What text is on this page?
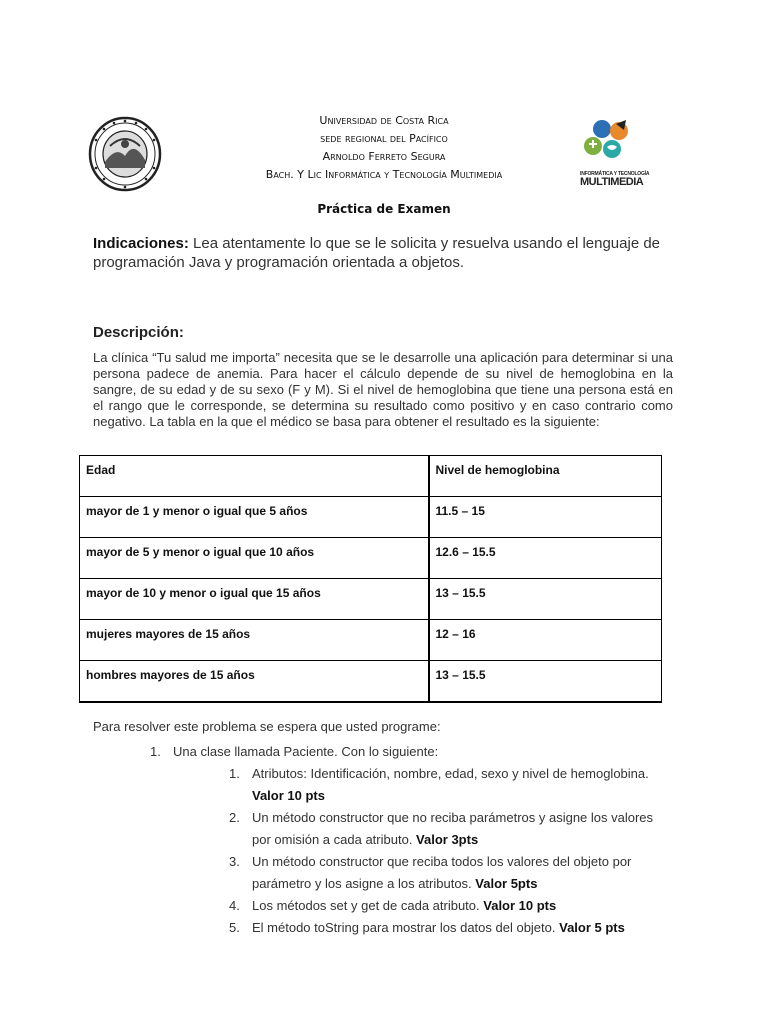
Universidad de Costa Rica
sede regional del Pacífico
Arnoldo Ferreto Segura
Bach. Y Lic Informática y Tecnología Multimedia	INFORMÁTICA Y TECNOLOGÍA
MULTIMEDIA
Práctica de Examen
Indicaciones: Lea atentamente lo que se le solicita y resuelva usando el lenguaje de programación Java y programación orientada a objetos.
Descripción:
La clínica “Tu salud me importa” necesita que se le desarrolle una aplicación para determinar si una persona padece de anemia. Para hacer el cálculo depende de su nivel de hemoglobina en la sangre, de su edad y de su sexo (F y M). Si el nivel de hemoglobina que tiene una persona está en el rango que le corresponde, se determina su resultado como positivo y en caso contrario como negativo. La tabla en la que el médico se basa para obtener el resultado es la siguiente:
Edad	Nivel de hemoglobina
mayor de 1 y menor o igual que 5 años	11.5 – 15
mayor de 5 y menor o igual que 10 años	12.6 – 15.5
mayor de 10 y menor o igual que 15 años	13 – 15.5
mujeres mayores de 15 años	12 – 16
hombres mayores de 15 años	13 – 15.5
Para resolver este problema se espera que usted programe:
1. Una clase llamada Paciente. Con lo siguiente:
1. Atributos: Identificación, nombre, edad, sexo y nivel de hemoglobina.
Valor 10 pts
2. Un método constructor que no reciba parámetros y asigne los valores
por omisión a cada atributo. Valor 3pts
3. Un método constructor que reciba todos los valores del objeto por
parámetro y los asigne a los atributos. Valor 5pts
4. Los métodos set y get de cada atributo. Valor 10 pts
5. El método toString para mostrar los datos del objeto. Valor 5 pts
